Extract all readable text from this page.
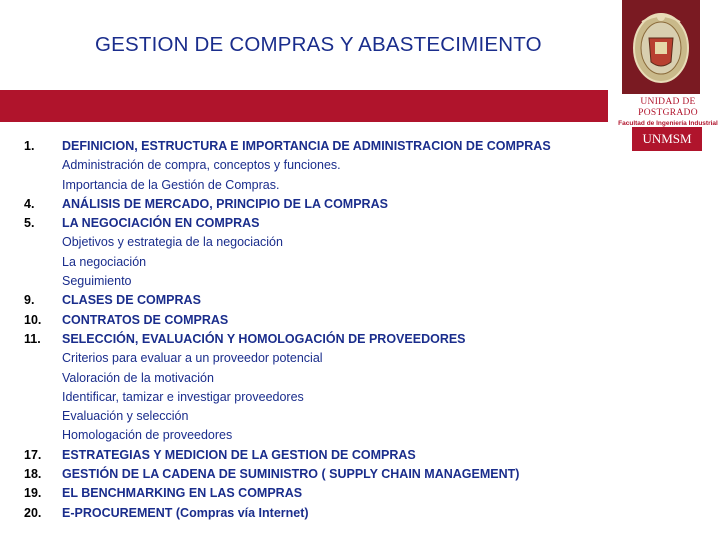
GESTION DE COMPRAS Y ABASTECIMIENTO
UNIDAD DE POSTGRADO
Facultad de Ingeniería Industrial
UNMSM
1. DEFINICION, ESTRUCTURA E IMPORTANCIA DE ADMINISTRACION DE COMPRAS
Administración de compra, conceptos y funciones.
Importancia de la Gestión de Compras.
4. ANÁLISIS DE MERCADO, PRINCIPIO DE LA COMPRAS
5. LA NEGOCIACIÓN EN COMPRAS
Objetivos y estrategia de la negociación
La negociación
Seguimiento
9. CLASES DE COMPRAS
10. CONTRATOS DE COMPRAS
11. SELECCIÓN, EVALUACIÓN Y HOMOLOGACIÓN DE PROVEEDORES
Criterios para evaluar a un proveedor potencial
Valoración de la motivación
Identificar, tamizar e investigar proveedores
Evaluación y selección
Homologación de proveedores
17. ESTRATEGIAS Y MEDICION DE LA GESTION DE COMPRAS
18. GESTIÓN DE LA CADENA DE SUMINISTRO ( SUPPLY CHAIN MANAGEMENT)
19. EL BENCHMARKING EN LAS COMPRAS
20. E-PROCUREMENT (Compras vía Internet)
